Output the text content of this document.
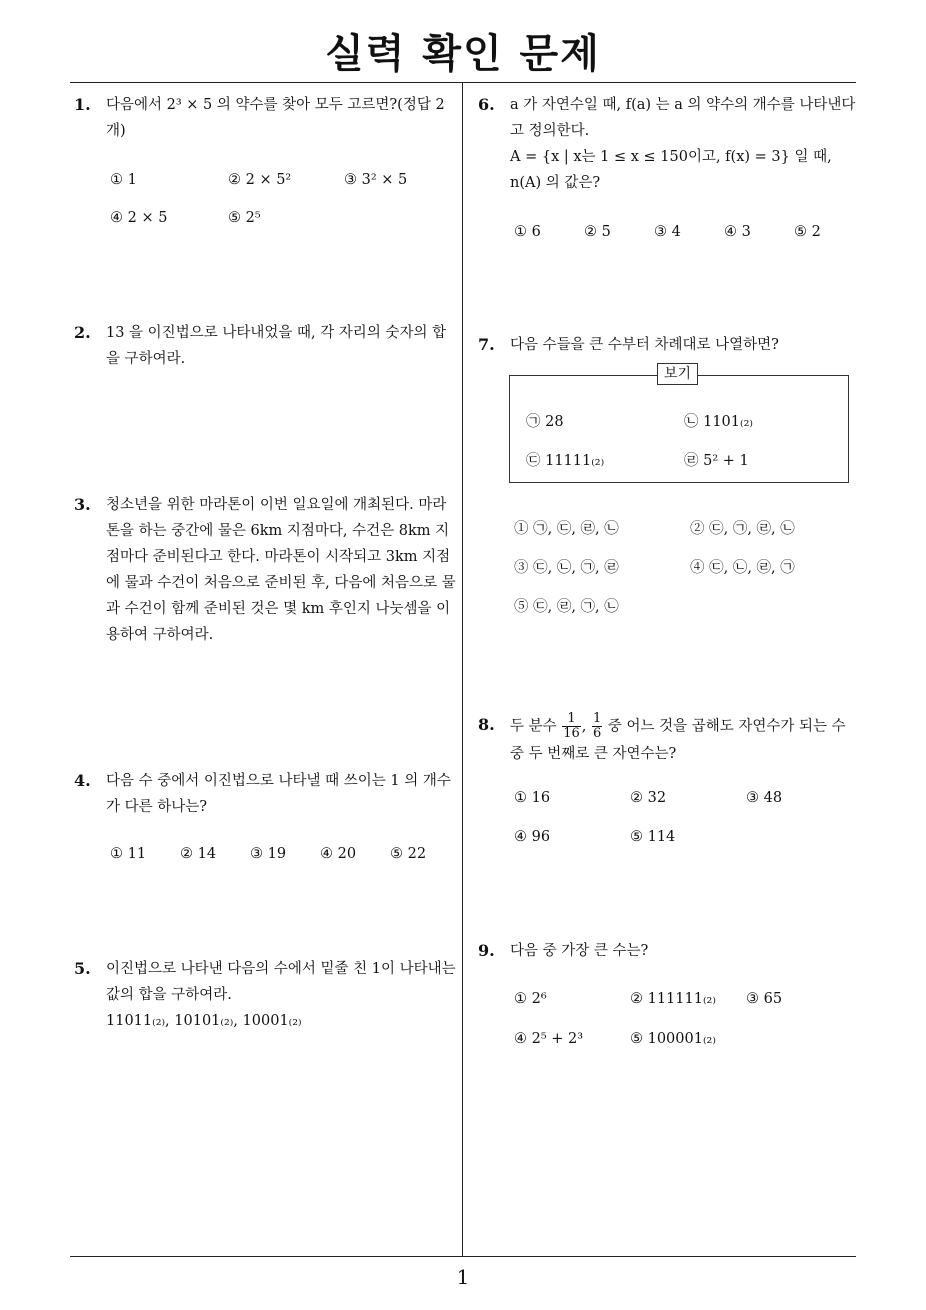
실력 확인 문제
1
1. 다음에서 2³ × 5 의 약수를 찾아 모두 고르면?(정답 2개)
① 1	② 2 × 5²	③ 3² × 5
④ 2 × 5	⑤ 2⁵
2. 13 을 이진법으로 나타내었을 때, 각 자리의 숫자의 합을 구하여라.
3. 청소년을 위한 마라톤이 이번 일요일에 개최된다. 마라톤을 하는 중간에 물은 6km 지점마다, 수건은 8km 지점마다 준비된다고 한다. 마라톤이 시작되고 3km 지점에 물과 수건이 처음으로 준비된 후, 다음에 처음으로 물과 수건이 함께 준비된 것은 몇 km 후인지 나눗셈을 이용하여 구하여라.
4. 다음 수 중에서 이진법으로 나타낼 때 쓰이는 1 의 개수가 다른 하나는?
① 11 ② 14 ③ 19 ④ 20 ⑤ 22
5. 이진법으로 나타낸 다음의 수에서 밑줄 친 1이 나타내는 값의 합을 구하여라.
11011₍₂₎, 10101₍₂₎, 10001₍₂₎
6. a 가 자연수일 때, f(a) 는 a 의 약수의 개수를 나타낸다고 정의한다.
A = {x | x는 1 ≤ x ≤ 150이고, f(x) = 3} 일 때, n(A) 의 값은?
① 6	② 5	③ 4	④ 3	⑤ 2
7. 다음 수들을 큰 수부터 차례대로 나열하면?
보기
㉠ 28	㉡ 1101₍₂₎
㉢ 11111₍₂₎	㉣ 5² + 1
① ㉠, ㉢, ㉣, ㉡	② ㉢, ㉠, ㉣, ㉡
③ ㉢, ㉡, ㉠, ㉣	④ ㉢, ㉡, ㉣, ㉠
⑤ ㉢, ㉣, ㉠, ㉡
8. 두 분수 $\frac{1}{16}$ , $\frac{1}{6}$ 중 어느 것을 곱해도 자연수가 되는 수 중 두 번째로 큰 자연수는?
① 16	② 32	③ 48
④ 96	⑤ 114
9. 다음 중 가장 큰 수는?
① 2⁶	② 111111₍₂₎ ③ 65
④ 2⁵ + 2³	⑤ 100001₍₂₎
